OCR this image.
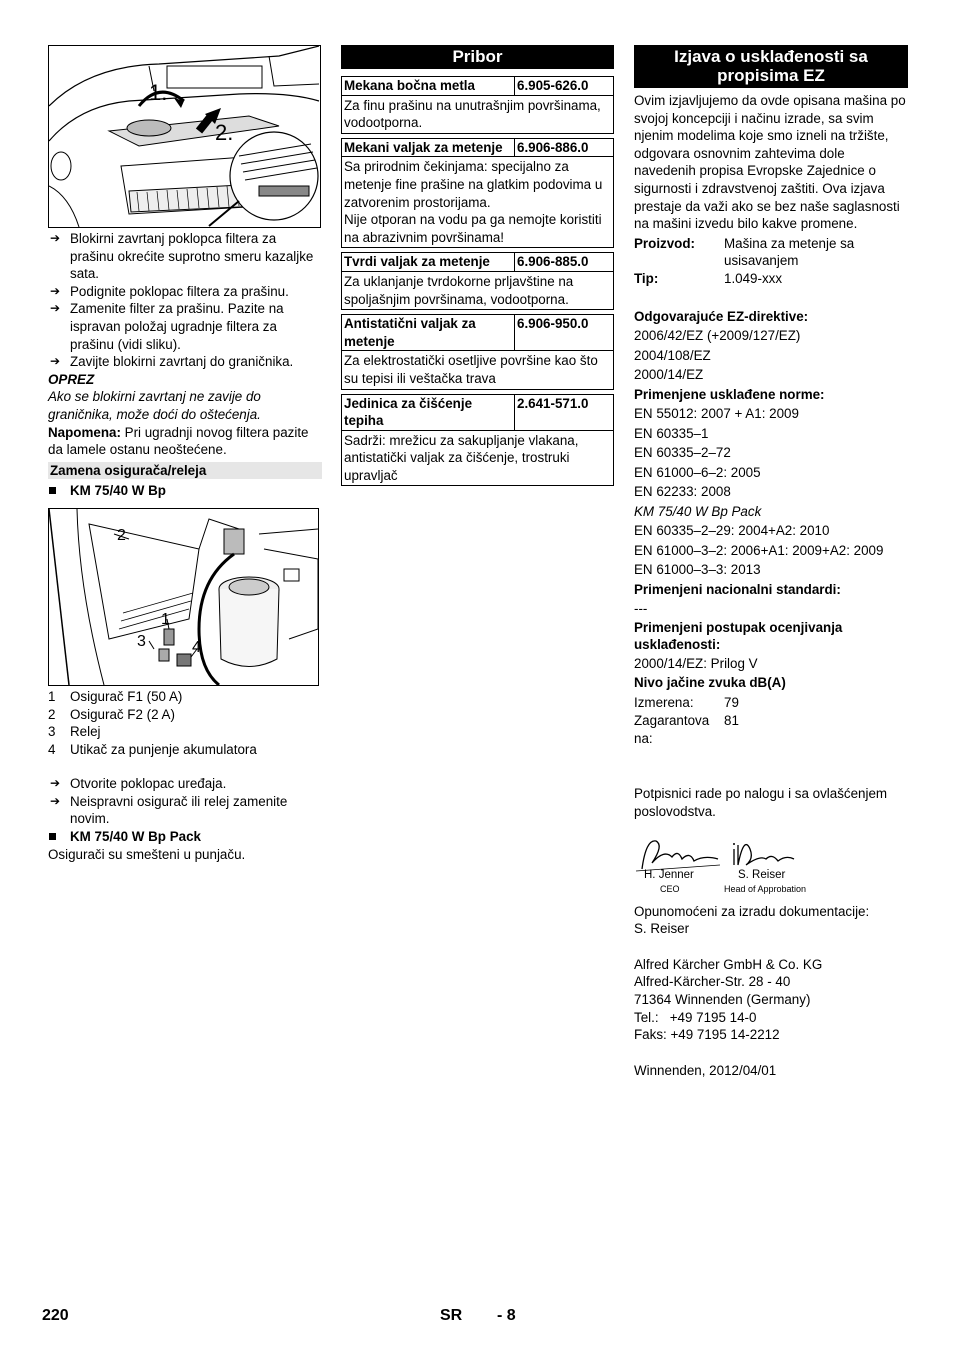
1.
2.
➔ Blokirni zavrtanj poklopca filtera za prašinu okrećite suprotno smeru kazaljke sata.
➔ Podignite poklopac filtera za prašinu.
➔ Zamenite filter za prašinu. Pazite na ispravan položaj ugradnje filtera za prašinu (vidi sliku).
➔ Zavijte blokirni zavrtanj do graničnika.
OPREZ
Ako se blokirni zavrtanj ne zavije do graničnika, može doći do oštećenja.
Napomena: Pri ugradnji novog filtera pazite da lamele ostanu neoštećene.
Zamena osigurača/releja
KM 75/40 W Bp
2
1
3	4
1 Osigurač F1 (50 A)
2 Osigurač F2 (2 A)
3 Relej
4 Utikač za punjenje akumulatora
➔ Otvorite poklopac uređaja.
➔ Neispravni osigurač ili relej zamenite novim.
KM 75/40 W Bp Pack
Osigurači su smešteni u punjaču.
Pribor
Mekana bočna metla	6.905-626.0
Za finu prašinu na unutrašnjim površinama, vodootporna.
Mekani valjak za metenje	6.906-886.0
Sa prirodnim čekinjama: specijalno za metenje fine prašine na glatkim podovima u zatvorenim prostorijama.
Nije otporan na vodu pa ga nemojte koristiti na abrazivnim površinama!
Tvrdi valjak za metenje	6.906-885.0
Za uklanjanje tvrdokorne prljavštine na spoljašnjim površinama, vodootporna.
Antistatični valjak za metenje
6.906-950.0
Za elektrostatički osetljive površine kao što su tepisi ili veštačka trava
Jedinica za čišćenje tepiha
2.641-571.0
Sadrži: mrežicu za sakupljanje vlakana, antistatički valjak za čišćenje, trostruki upravljač
Izjava o usklađenosti sa propisima EZ
Ovim izjavljujemo da ovde opisana mašina po svojoj koncepciji i načinu izrade, sa svim njenim modelima koje smo izneli na tržište, odgovara osnovnim zahtevima dole navedenih propisa Evropske Zajednice o sigurnosti i zdravstvenoj zaštiti. Ova izjava prestaje da važi ako se bez naše saglasnosti na mašini izvedu bilo kakve promene.
Proizvod:	Mašina za metenje sa usisavanjem
Tip:	1.049-xxx
Odgovarajuće EZ-direktive:
2006/42/EZ (+2009/127/EZ)
2004/108/EZ
2000/14/EZ
Primenjene usklađene norme:
EN 55012: 2007 + A1: 2009
EN 60335–1
EN 60335–2–72
EN 61000–6–2: 2005
EN 62233: 2008
KM 75/40 W Bp Pack
EN 60335–2–29: 2004+A2: 2010
EN 61000–3–2: 2006+A1: 2009+A2: 2009
EN 61000–3–3: 2013
Primenjeni nacionalni standardi:
---
Primenjeni postupak ocenjivanja usklađenosti:
2000/14/EZ: Prilog V
Nivo jačine zvuka dB(A)
Izmerena:	79
Zagarantova na:
81
Potpisnici rade po nalogu i sa ovlašćenjem poslovodstva.
H. Jenner
CEO
S. Reiser
Head of Approbation
Opunomoćeni za izradu dokumentacije:
S. Reiser
Alfred Kärcher GmbH & Co. KG
Alfred-Kärcher-Str. 28 - 40
71364 Winnenden (Germany)
Tel.:   +49 7195 14-0
Faks: +49 7195 14-2212
Winnenden, 2012/04/01
220	SR - 8
